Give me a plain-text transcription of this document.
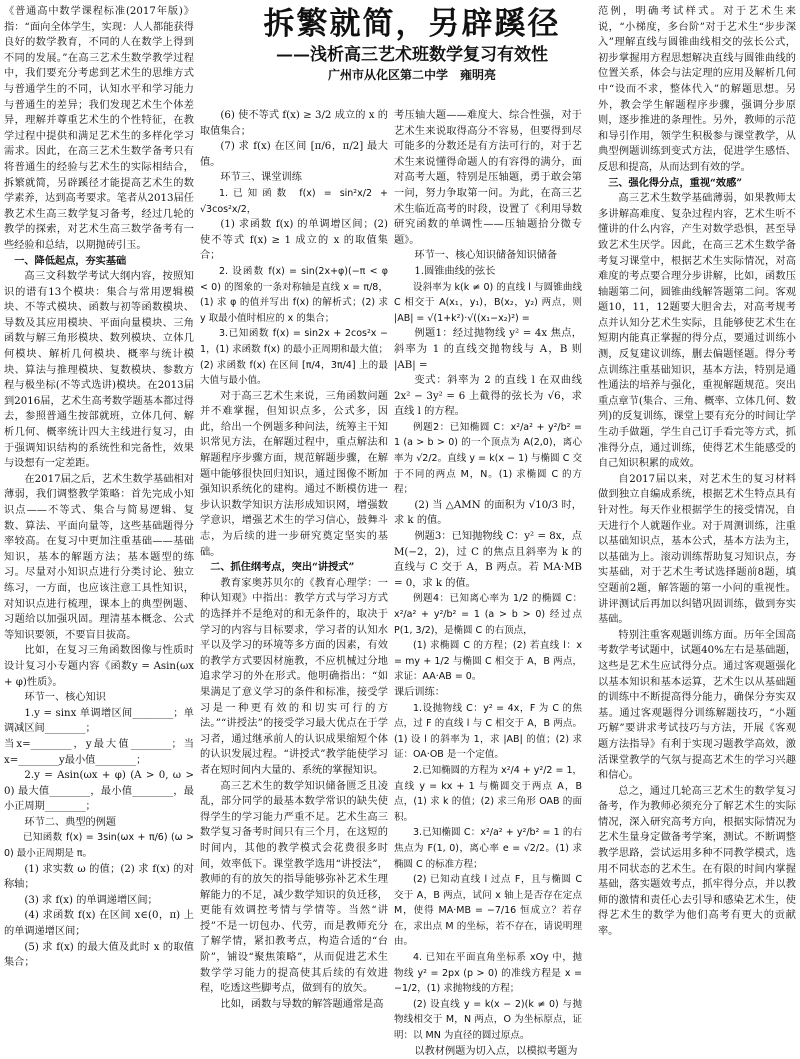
拆繁就简，另辟蹊径
——浅析高三艺术班数学复习有效性
广州市从化区第二中学　雍明亮

《普通高中数学课程标准(2017年版)》指：“面向全体学生，实现：人人都能获得良好的数学教育，不同的人在数学上得到不同的发展。”在高三艺术生数学教学过程中，我们要充分考虑到艺术生的思维方式与普通学生的不同，认知水平和学习能力与普通生的差异；我们发现艺术生个体差异，理解并尊重艺术生的个性特征，在教学过程中提供和满足艺术生的多样化学习需求。因此，在高三艺术生数学备考只有将普通生的经验与艺术生的实际相结合，拆繁就简，另辟蹊径才能提高艺术生的数学素养，达到高考要求。笔者从2013届任教艺术生高三数学复习备考，经过几轮的教学的探索，对艺术生高三数学备考有一些经验和总结，以期抛砖引玉。

一、降低起点，夯实基础

高三文科数学考试大纲内容，按照知识的谱有13个模块：集合与常用逻辑模块、不等式模块、函数与初等函数模块、导数及其应用模块、平面向量模块、三角函数与解三角形模块、数列模块、立体几何模块、解析几何模块、概率与统计模块、算法与推理模块、复数模块、参数方程与极坐标(不等式选讲)模块。在2013届到2016届，艺术生高考数学题基本都过得去，参照普通生按部就班，立体几何、解析几何、概率统计四大主线进行复习，由于强调知识结构的系统性和完备性，效果与设想有一定差距。

在2017届之后，艺术生数学基础相对薄弱，我们调整教学策略：首先完成小知识点——不等式、集合与简易逻辑、复数、算法、平面向量等，这些基础题得分率较高。在复习中更加注重基础——基础知识，基本的解题方法；基本题型的练习。尽量对小知识点进行分类讨论、独立练习，一方面，也应该注意工具性知识，对知识点进行梳理，课本上的典型例题、习题给以加强巩固。理清基本概念、公式等知识要领，不要盲目拔高。

比如，在复习三角函数图像与性质时设计复习小专题内容《函数y = Asin(ωx + φ)性质》。

环节一、核心知识

1.y = sinx 单调增区间________；单调减区间________；

当x=________，y最大值________；当x=________y最小值________；

2.y = Asin(ωx + φ) (A > 0, ω > 0) 最大值________，最小值________，最小正周期________；

环节二、典型的例题

已知函数 f(x) = 3sin(ωx + π/6) (ω > 0) 最小正周期是 π。

(1) 求实数 ω 的值；(2) 求 f(x) 的对称轴；

(3) 求 f(x) 的单调递增区间；

(4) 求函数 f(x) 在区间 x∈(0，π) 上的单调递增区间；

(5) 求 f(x) 的最大值及此时 x 的取值集合；

(6) 使不等式 f(x) ≥ 3/2 成立的 x 的取值集合；

(7) 求 f(x) 在区间 [π/6，π/2] 最大值。

环节三、课堂训练

1.已知函数 f(x) = sin²x/2 + √3cos²x/2，

(1) 求函数 f(x) 的单调增区间；(2) 使不等式 f(x) ≥ 1 成立的 x 的取值集合；

2. 设函数 f(x) = sin(2x+φ)(−π < φ < 0) 的图象的一条对称轴是直线 x = π/8，(1) 求 φ 的值并写出 f(x) 的解析式；(2) 求 y 取最小值时相应的 x 的集合；

3.已知函数 f(x) = sin2x + 2cos²x − 1，(1) 求函数 f(x) 的最小正周期和最大值；(2) 求函数 f(x) 在区间 [π/4，3π/4] 上的最大值与最小值。

对于高三艺术生来说，三角函数问题并不难掌握，但知识点多，公式多，因此，给出一个例题多种问法，统筹主干知识常见方法，在解题过程中，重点解法和解题程序步骤方面，规范解题步骤，在解题中能够很快回归知识，通过图像不断加强知识系统化的建构。通过不断模仿进一步认识数学知识方法形成知识网，增强数学意识，增强艺术生的学习信心，鼓舞斗志，为后续的进一步研究奠定坚实的基础。

二、抓住纲考点，突出“讲授式”

教育家奥苏贝尔的《教育心理学：一种认知观》中指出：教学方式与学习方式的选择并不是绝对的和无条件的，取决于学习的内容与目标要求，学习者的认知水平以及学习的环境等多方面的因素，有效的教学方式要因材施教，不应机械过分地追求学习的外在形式。他明确指出：“如果满足了意义学习的条件和标准，接受学习是一种更有效的和切实可行的方法。”“讲授法”的接受学习最大优点在于学习者，通过继承前人的认识成果缩短个体的认识发展过程。“讲授式”教学能使学习者在短时间内大量的、系统的掌握知识。

高三艺术生的数学知识储备匮乏且凌乱，部分同学的最基本数学常识的缺失使得学生的学习能力严重不足。艺术生高三数学复习备考时间只有三个月，在这短的时间内，其他的教学模式会花费很多时间，效率低下。课堂教学选用“讲授法”，教师的有的放矢的指导能够弥补艺术生理解能力的不足，减少数学知识的负迁移，更能有效调控考情与学情等。当然“讲授”不是一切包办、代劳，而是教师充分了解学情，紧扣教考点，构造合适的“台阶”，铺设“聚焦策略”，从而促进艺术生数学学习能力的提高使其后续的有效进程，吃透这些脚考点，做到有的放矢。

比如，函数与导数的解答题通常是高

考压轴大题——难度大、综合性强，对于艺术生来说取得高分不容易，但要得到尽可能多的分数还是有方法可行的，对于艺术生来说懂得命题人的有容得的满分，面对高考大题，特别是压轴题，勇于敢会第一问，努力争取第一问。为此，在高三艺术生临近高考的时段，设置了《利用导数研究函数的单调性——压轴题拾分微专题》。

环节一、核心知识储备知识储备

1.圆锥曲线的弦长

设斜率为 k(k ≠ 0) 的直线 l 与圆锥曲线 C 相交于 A(x₁，y₁)，B(x₂，y₂) 两点，则 |AB| = √(1+k²)·√((x₁−x₂)²) =

例题1：经过抛物线 y² = 4x 焦点，斜率为 1 的直线交抛物线与 A，B 则 |AB| =

变式：斜率为 2 的直线 l 在双曲线 2x² − 3y² = 6 上截得的弦长为 √6，求直线 l 的方程。

例题2：已知椭圆 C：x²/a² + y²/b² = 1 (a > b > 0) 的一个顶点为 A(2,0)，离心率为 √2/2。直线 y = k(x − 1) 与椭圆 C 交于不同的两点 M，N。(1) 求椭圆 C 的方程；

(2) 当 △AMN 的面积为 √10/3 时，求 k 的值。

例题3：已知抛物线 C：y² = 8x，点 M(−2，2)，过 C 的焦点且斜率为 k 的直线与 C 交于 A，B 两点。若 MA·MB = 0，求 k 的值。

例题4：已知离心率为 1/2 的椭圆 C：x²/a² + y²/b² = 1 (a > b > 0) 经过点 P(1, 3/2)，是椭圆 C 的右顶点，

(1) 求椭圆 C 的方程；(2) 若直线 l：x = my + 1/2 与椭圆 C 相交于 A，B 两点，求证：AA·AB = 0。

课后训练：

1.设抛物线 C：y² = 4x，F 为 C 的焦点，过 F 的直线 l 与 C 相交于 A，B 两点。(1) 设 l 的斜率为 1，求 |AB| 的值；(2) 求证：OA·OB 是一个定值。

2.已知椭圆的方程为 x²/4 + y²/2 = 1，直线 y = kx + 1 与椭圆交于两点 A，B 点，(1) 求 k 的值；(2) 求三角形 OAB 的面积。

3.已知椭圆 C：x²/a² + y²/b² = 1 的右焦点为 F(1, 0)，离心率 e = √2/2。(1) 求椭圆 C 的标准方程；

(2) 已知动直线 l 过点 F，且与椭圆 C 交于 A，B 两点，试问 x 轴上是否存在定点 M，使得 MA·MB = −7/16 恒成立？若存在，求出点 M 的坐标，若不存在，请说明理由。

4. 已知在平面直角坐标系 xOy 中，抛物线 y² = 2px (p > 0) 的准线方程是 x = −1/2，(1) 求抛物线的方程；

(2) 设直线 y = k(x − 2)(k ≠ 0) 与抛物线相交于 M，N 两点，O 为坐标原点，证明：以 MN 为直径的圆过原点。

以教材例题为切入点，以模拟考题为

范例，明确考试样式。对于艺术生来说，“小梯度，多台阶”对于艺术生“步步深入”理解直线与圆锥曲线相交的弦长公式，初步掌握用方程思想解决直线与圆锥曲线的位置关系，体会与法定理的应用及解析几何中“设而不求，整体代入”的解题思想。另外，教会学生解题程序步骤，强调分步原则，逐步推进的条理性。另外，教师的示范和导引作用，领学生积极参与课堂教学，从典型例题训练到变式方法，促进学生感悟、反思和提高，从而达到有效的学。

三、强化得分点，重视“效感”

高三艺术生数学基础薄弱，如果教师太多讲解高难度、复杂过程内容，艺术生听不懂讲的什么内容，产生对数学恐惧，甚至导致艺术生厌学。因此，在高三艺术生数学备考复习课堂中，根据艺术生实际情况，对高难度的考点要合理分步讲解，比如，函数压轴题第二问，圆锥曲线解答题第二问。客观题10，11，12题要大胆舍去，对高考规考点并认知分艺术生实际，且能够使艺术生在短期内能真正掌握的得分点，要通过训练小测，反复建议训练，删去偏题怪题。得分考点训练注重基础知识，基本方法，特别是通性通法的培养与强化，重视解题规范。突出重点章节(集合、三角、概率、立体几何、数列)的反复训练，课堂上要有充分的时间让学生动手做题，学生自己订手看完等方式，抓准得分点，通过训练，使得艺术生能感受的自己知识积累的成效。

自2017届以来，对艺术生的复习材料做到独立自编成系统，根据艺术生特点具有针对性。每天作业根据学生的接受情况，自天进行个人就题作业。对于周测训练，注重以基础知识点，基本公式，基本方法为主，以基础为上。滚动训练帮助复习知识点，夯实基础，对于艺术生考试选择题前8题，填空题前2题，解答题的第一小问的重视性。讲评测试后再加以纠错巩固训练，做到夯实基础。

特别注重客观题训练方面。历年全国高考数学考试题中，试题40%左右是基础题，这些是艺术生应试得分点。通过客观题强化以基本知识和基本运算，艺术生以从基础题的训练中不断提高得分能力，确保分夯实双基。通过客观题得分训练解题技巧，“小题巧解”要讲求考试技巧与方法，开展《客观题方法指导》有利于实现习题教学高效，激活课堂教学的气氛与提高艺术生的学习兴趣和信心。

总之，通过几轮高三艺术生的数学复习备考，作为教师必须充分了解艺术生的实际情况，深入研究高考方向，根据实际情况为艺术生量身定做备考学案，测试。不断调整教学思路，尝试运用多种不同教学模式，选用不同状态的艺术生。在有限的时间内掌握基础，落实题效考点，抓牢得分点，并以教师的激情和责任心去引导和感染艺术生，使得艺术生的数学为他们高考有更大的贡献率。
